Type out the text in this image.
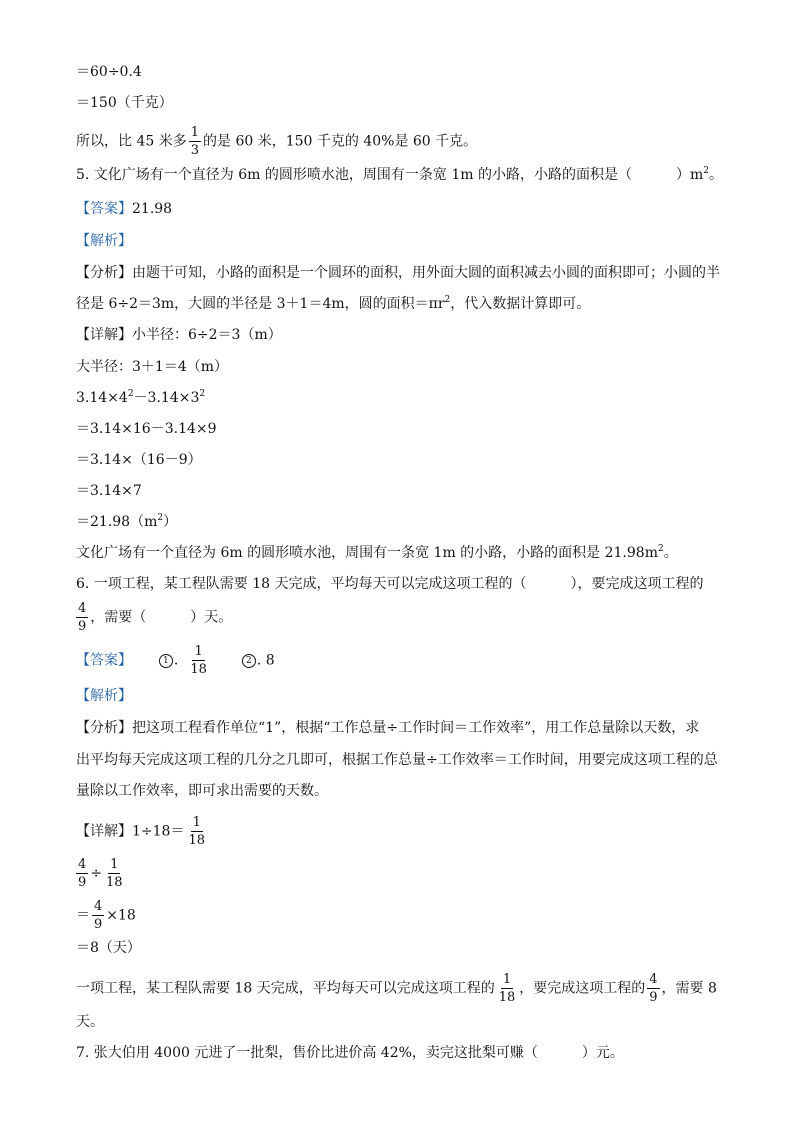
＝60÷0.4
＝150（千克）
所以，比 45 米多 $\frac{1}{3}$ 的是 60 米，150 千克的 40%是 60 千克。
5. 文化广场有一个直径为 6m 的圆形喷水池，周围有一条宽 1m 的小路，小路的面积是（	）$m^2$。
【答案】21.98
【解析】
【分析】由题干可知，小路的面积是一个圆环的面积，用外面大圆的面积减去小圆的面积即可；小圆的半
径是 6÷2＝3m，大圆的半径是 3＋1＝4m，圆的面积$=\pi r^2$，代入数据计算即可。
【详解】小半径：6÷2＝3（m）
大半径：3＋1＝4（m）
$3.14\times 4^2-3.14\times 3^2$
＝3.14×16－3.14×9
＝3.14×（16－9）
＝3.14×7
$=21.98(m^2)$
文化广场有一个直径为 6m 的圆形喷水池，周围有一条宽 1m 的小路，小路的面积是 $21.98m^2$。
6. 一项工程，某工程队需要 18 天完成，平均每天可以完成这项工程的（	），要完成这项工程的
$\frac{4}{9}$ ，需要（	）天。
【答案】	1 . $\frac{1}{18}$	2 . 8
【解析】
【分析】把这项工程看作单位“1”，根据“工作总量÷工作时间＝工作效率”，用工作总量除以天数，求
出平均每天完成这项工程的几分之几即可，根据工作总量÷工作效率＝工作时间，用要完成这项工程的总
量除以工作效率，即可求出需要的天数。
【详解】$1\div 18= \frac{1}{18}$
$\frac{4}{9} \div \frac{1}{18}$
＝ $\frac{4}{9} \times 18$
＝8（天）
一项工程，某工程队需要 18 天完成，平均每天可以完成这项工程的 $\frac{1}{18}$ ，要完成这项工程的 $\frac{4}{9}$ ，需要 8
天。
7. 张大伯用 4000 元进了一批梨，售价比进价高 42%，卖完这批梨可赚（	）元。
